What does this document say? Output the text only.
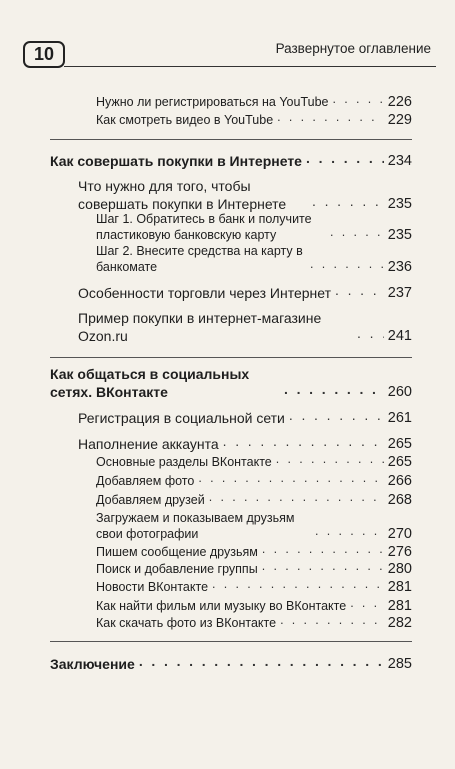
10	Развернутое оглавление
Нужно ли регистрироваться на YouTube . . .	226
Как смотреть видео в YouTube . . .	229
Как совершать покупки в Интернете . . .	234
Что нужно для того, чтобы совершать покупки в Интернете . . .	235
Шаг 1. Обратитесь в банк и получите пластиковую банковскую карту . . .	235
Шаг 2. Внесите средства на карту в банкомате . . .	236
Особенности торговли через Интернет . . .	237
Пример покупки в интернет-магазине Ozon.ru . . .	241
Как общаться в социальных сетях. ВКонтакте . . .	260
Регистрация в социальной сети . . .	261
Наполнение аккаунта . . .	265
Основные разделы ВКонтакте . . .	265
Добавляем фото . . .	266
Добавляем друзей . . .	268
Загружаем и показываем друзьям свои фотографии . . .	270
Пишем сообщение друзьям . . .	276
Поиск и добавление группы . . .	280
Новости ВКонтакте . . .	281
Как найти фильм или музыку во ВКонтакте . . .	281
Как скачать фото из ВКонтакте . . .	282
Заключение . . .	285
